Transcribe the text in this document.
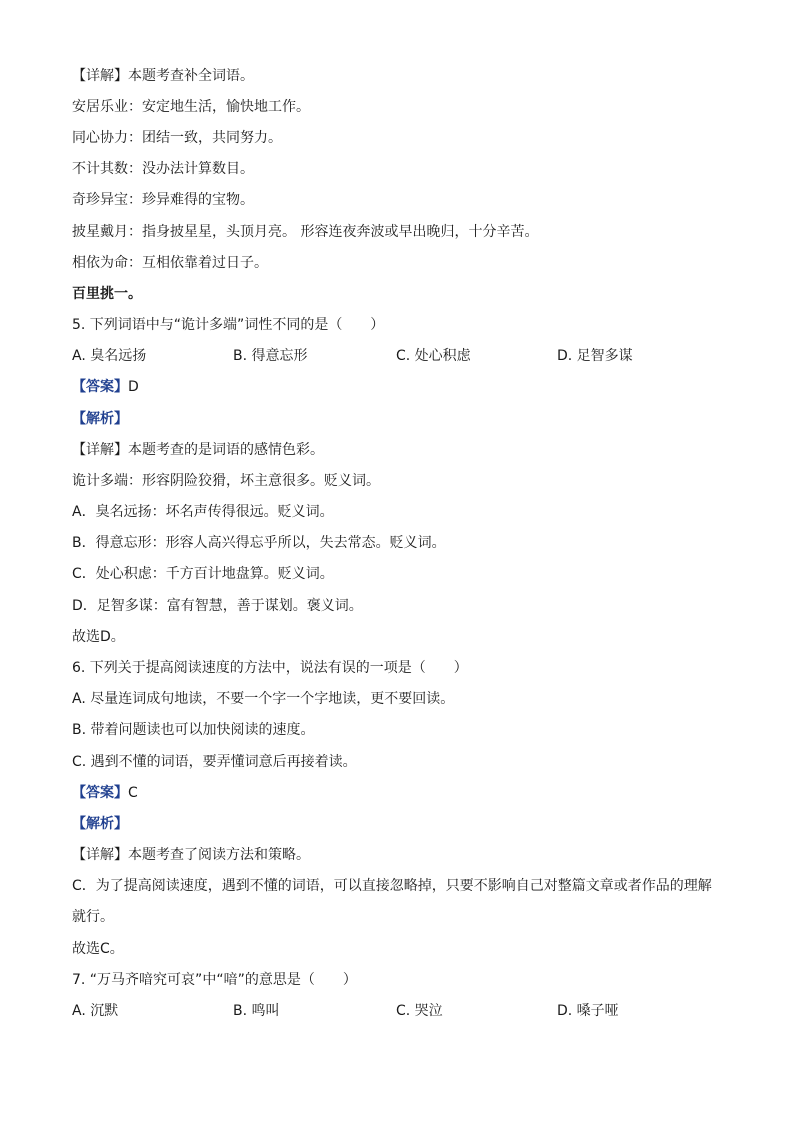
【详解】本题考查补全词语。
安居乐业：安定地生活，愉快地工作。
同心协力：团结一致，共同努力。
不计其数：没办法计算数目。
奇珍异宝：珍异难得的宝物。
披星戴月：指身披星星，头顶月亮。 形容连夜奔波或早出晚归，十分辛苦。
相依为命：互相依靠着过日子。
百里挑一。
5. 下列词语中与“诡计多端”词性不同的是（　　）
A. 臭名远扬	B. 得意忘形	C. 处心积虑	D. 足智多谋
【答案】D
【解析】
【详解】本题考查的是词语的感情色彩。
诡计多端：形容阴险狡猾，坏主意很多。贬义词。
A．臭名远扬：坏名声传得很远。贬义词。
B．得意忘形：形容人高兴得忘乎所以，失去常态。贬义词。
C．处心积虑：千方百计地盘算。贬义词。
D．足智多谋：富有智慧，善于谋划。褒义词。
故选D。
6. 下列关于提高阅读速度的方法中，说法有误的一项是（　　）
A. 尽量连词成句地读，不要一个字一个字地读，更不要回读。
B. 带着问题读也可以加快阅读的速度。
C. 遇到不懂的词语，要弄懂词意后再接着读。
【答案】C
【解析】
【详解】本题考查了阅读方法和策略。
C．为了提高阅读速度，遇到不懂的词语，可以直接忽略掉，只要不影响自己对整篇文章或者作品的理解就行。
故选C。
7. “万马齐喑究可哀”中“喑”的意思是（　　）
A. 沉默	B. 鸣叫	C. 哭泣	D. 嗓子哑
